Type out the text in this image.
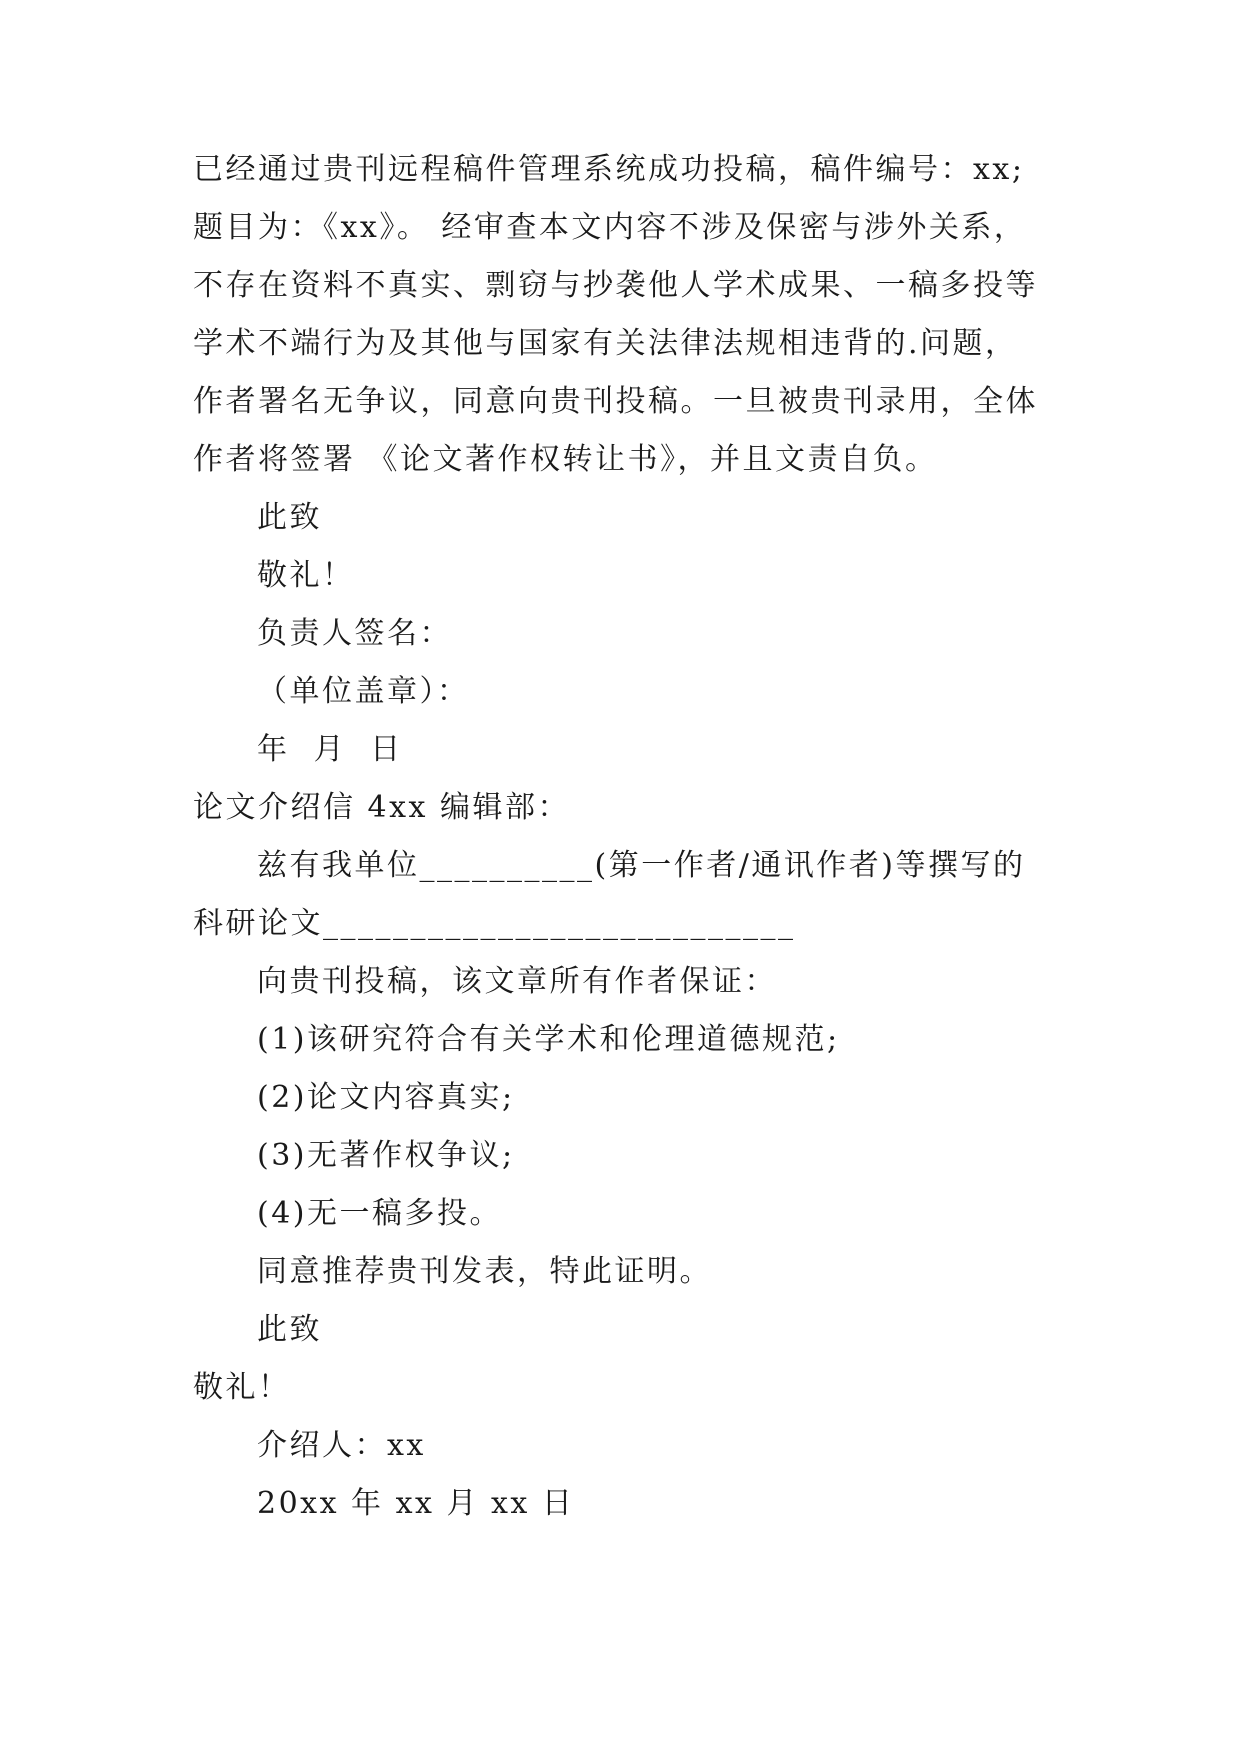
已经通过贵刊远程稿件管理系统成功投稿，稿件编号：xx;
题目为：《xx》。 经审查本文内容不涉及保密与涉外关系，
不存在资料不真实、剽窃与抄袭他人学术成果、一稿多投等
学术不端行为及其他与国家有关法律法规相违背的.问题，
作者署名无争议，同意向贵刊投稿。一旦被贵刊录用，全体
作者将签署 《论文著作权转让书》，并且文责自负。
此致
敬礼！
负责人签名：
（单位盖章）：
年  月  日
论文介绍信 4xx 编辑部：
兹有我单位__________(第一作者/通讯作者)等撰写的
科研论文___________________________
向贵刊投稿，该文章所有作者保证：
(1)该研究符合有关学术和伦理道德规范;
(2)论文内容真实;
(3)无著作权争议;
(4)无一稿多投。
同意推荐贵刊发表，特此证明。
此致
敬礼！
介绍人：xx
20xx 年 xx 月 xx 日
